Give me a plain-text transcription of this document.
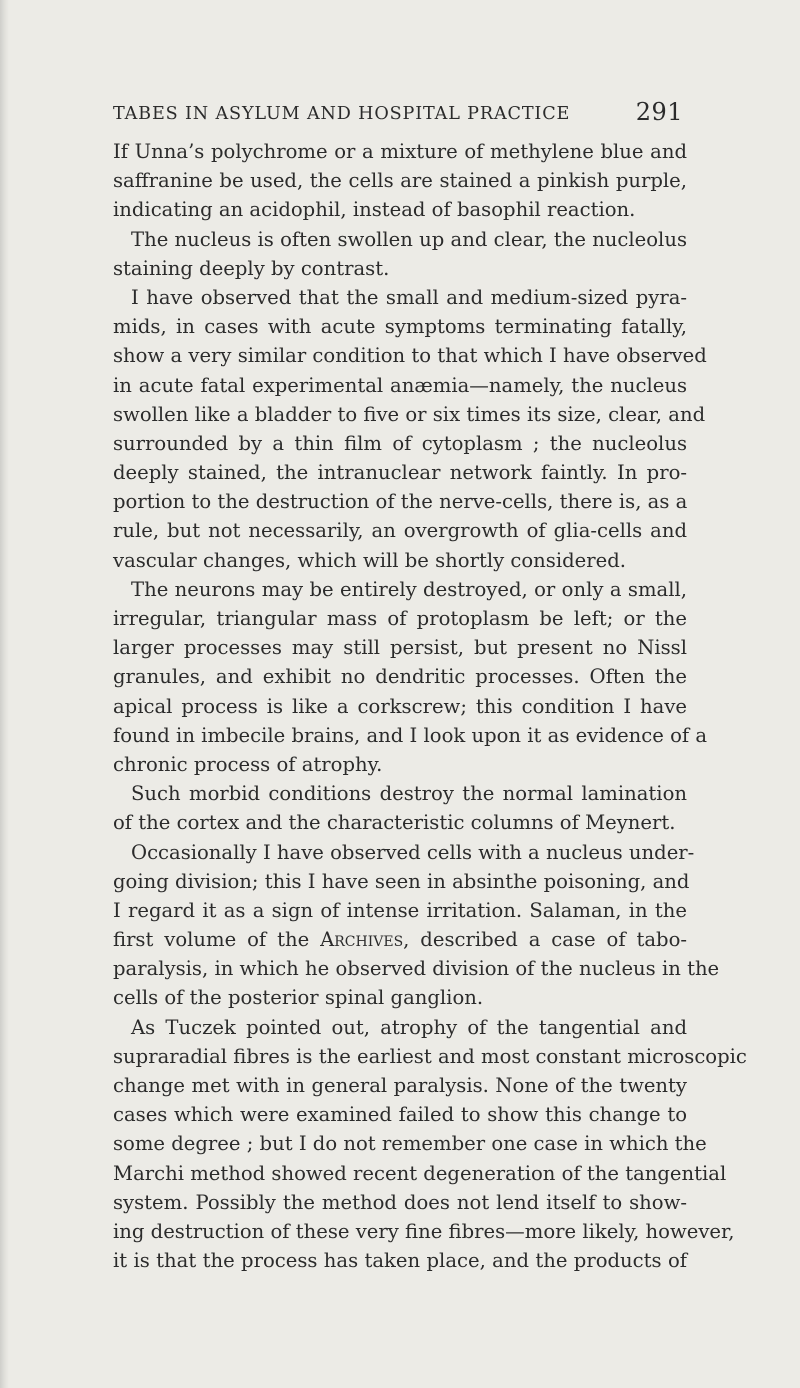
TABES IN ASYLUM AND HOSPITAL PRACTICE	291
If Unna’s polychrome or a mixture of methylene blue and
saffranine be used, the cells are stained a pinkish purple,
indicating an acidophil, instead of basophil reaction.
The nucleus is often swollen up and clear, the nucleolus
staining deeply by contrast.
I have observed that the small and medium-sized pyra-
mids, in cases with acute symptoms terminating fatally,
show a very similar condition to that which I have observed
in acute fatal experimental anæmia—namely, the nucleus
swollen like a bladder to five or six times its size, clear, and
surrounded by a thin film of cytoplasm ; the nucleolus
deeply stained, the intranuclear network faintly. In pro-
portion to the destruction of the nerve-cells, there is, as a
rule, but not necessarily, an overgrowth of glia-cells and
vascular changes, which will be shortly considered.
The neurons may be entirely destroyed, or only a small,
irregular, triangular mass of protoplasm be left; or the
larger processes may still persist, but present no Nissl
granules, and exhibit no dendritic processes. Often the
apical process is like a corkscrew; this condition I have
found in imbecile brains, and I look upon it as evidence of a
chronic process of atrophy.
Such morbid conditions destroy the normal lamination
of the cortex and the characteristic columns of Meynert.
Occasionally I have observed cells with a nucleus under-
going division; this I have seen in absinthe poisoning, and
I regard it as a sign of intense irritation. Salaman, in the
first volume of the Archives, described a case of tabo-
paralysis, in which he observed division of the nucleus in the
cells of the posterior spinal ganglion.
As Tuczek pointed out, atrophy of the tangential and
supraradial fibres is the earliest and most constant microscopic
change met with in general paralysis. None of the twenty
cases which were examined failed to show this change to
some degree ; but I do not remember one case in which the
Marchi method showed recent degeneration of the tangential
system. Possibly the method does not lend itself to show-
ing destruction of these very fine fibres—more likely, however,
it is that the process has taken place, and the products of
